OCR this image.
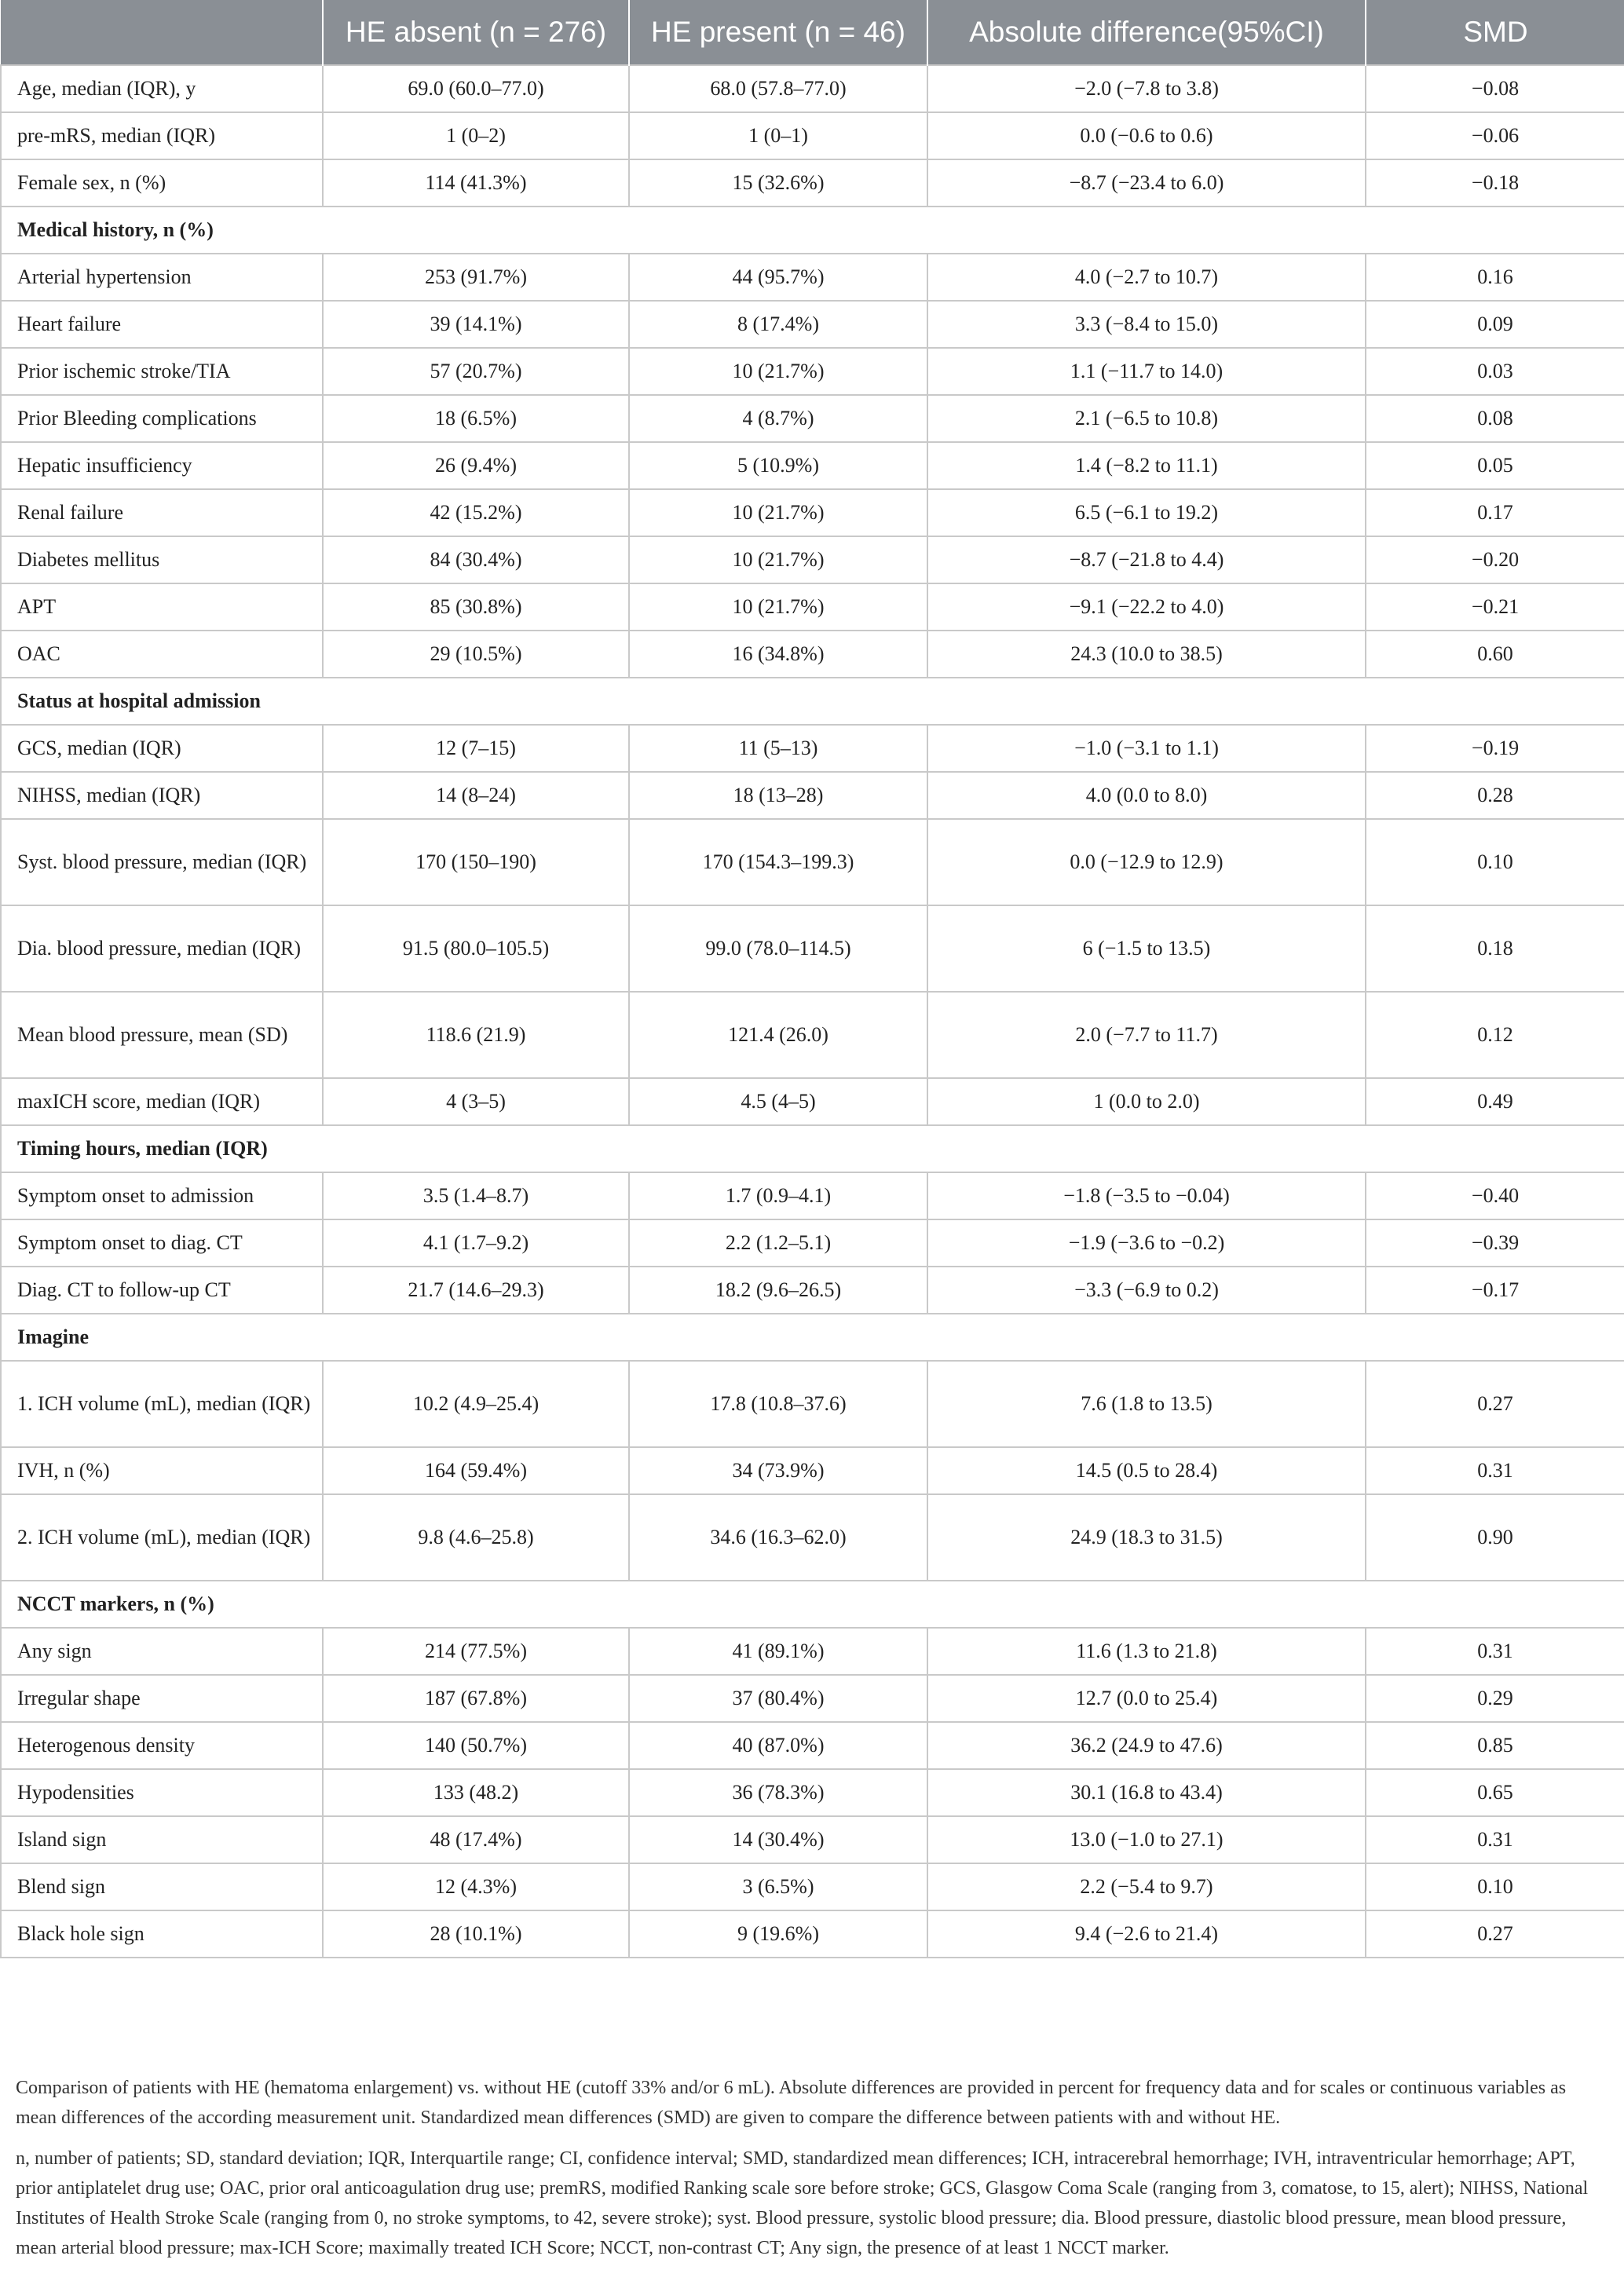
	HE absent (n = 276)	HE present (n = 46)	Absolute difference(95%CI)	SMD
Age, median (IQR), y	69.0 (60.0–77.0)	68.0 (57.8–77.0)	−2.0 (−7.8 to 3.8)	−0.08
pre-mRS, median (IQR)	1 (0–2)	1 (0–1)	0.0 (−0.6 to 0.6)	−0.06
Female sex, n (%)	114 (41.3%)	15 (32.6%)	−8.7 (−23.4 to 6.0)	−0.18
Medical history, n (%)				
Arterial hypertension	253 (91.7%)	44 (95.7%)	4.0 (−2.7 to 10.7)	0.16
Heart failure	39 (14.1%)	8 (17.4%)	3.3 (−8.4 to 15.0)	0.09
Prior ischemic stroke/TIA	57 (20.7%)	10 (21.7%)	1.1 (−11.7 to 14.0)	0.03
Prior Bleeding complications	18 (6.5%)	4 (8.7%)	2.1 (−6.5 to 10.8)	0.08
Hepatic insufficiency	26 (9.4%)	5 (10.9%)	1.4 (−8.2 to 11.1)	0.05
Renal failure	42 (15.2%)	10 (21.7%)	6.5 (−6.1 to 19.2)	0.17
Diabetes mellitus	84 (30.4%)	10 (21.7%)	−8.7 (−21.8 to 4.4)	−0.20
APT	85 (30.8%)	10 (21.7%)	−9.1 (−22.2 to 4.0)	−0.21
OAC	29 (10.5%)	16 (34.8%)	24.3 (10.0 to 38.5)	0.60
Status at hospital admission				
GCS, median (IQR)	12 (7–15)	11 (5–13)	−1.0 (−3.1 to 1.1)	−0.19
NIHSS, median (IQR)	14 (8–24)	18 (13–28)	4.0 (0.0 to 8.0)	0.28
Syst. blood pressure, median (IQR)	170 (150–190)	170 (154.3–199.3)	0.0 (−12.9 to 12.9)	0.10
Dia. blood pressure, median (IQR)	91.5 (80.0–105.5)	99.0 (78.0–114.5)	6 (−1.5 to 13.5)	0.18
Mean blood pressure, mean (SD)	118.6 (21.9)	121.4 (26.0)	2.0 (−7.7 to 11.7)	0.12
maxICH score, median (IQR)	4 (3–5)	4.5 (4–5)	1 (0.0 to 2.0)	0.49
Timing hours, median (IQR)				
Symptom onset to admission	3.5 (1.4–8.7)	1.7 (0.9–4.1)	−1.8 (−3.5 to −0.04)	−0.40
Symptom onset to diag. CT	4.1 (1.7–9.2)	2.2 (1.2–5.1)	−1.9 (−3.6 to −0.2)	−0.39
Diag. CT to follow-up CT	21.7 (14.6–29.3)	18.2 (9.6–26.5)	−3.3 (−6.9 to 0.2)	−0.17
Imagine				
1. ICH volume (mL), median (IQR)	10.2 (4.9–25.4)	17.8 (10.8–37.6)	7.6 (1.8 to 13.5)	0.27
IVH, n (%)	164 (59.4%)	34 (73.9%)	14.5 (0.5 to 28.4)	0.31
2. ICH volume (mL), median (IQR)	9.8 (4.6–25.8)	34.6 (16.3–62.0)	24.9 (18.3 to 31.5)	0.90
NCCT markers, n (%)				
Any sign	214 (77.5%)	41 (89.1%)	11.6 (1.3 to 21.8)	0.31
Irregular shape	187 (67.8%)	37 (80.4%)	12.7 (0.0 to 25.4)	0.29
Heterogenous density	140 (50.7%)	40 (87.0%)	36.2 (24.9 to 47.6)	0.85
Hypodensities	133 (48.2)	36 (78.3%)	30.1 (16.8 to 43.4)	0.65
Island sign	48 (17.4%)	14 (30.4%)	13.0 (−1.0 to 27.1)	0.31
Blend sign	12 (4.3%)	3 (6.5%)	2.2 (−5.4 to 9.7)	0.10
Black hole sign	28 (10.1%)	9 (19.6%)	9.4 (−2.6 to 21.4)	0.27

Comparison of patients with HE (hematoma enlargement) vs. without HE (cutoff 33% and/or 6 mL). Absolute differences are provided in percent for frequency data and for scales or continuous variables as mean differences of the according measurement unit. Standardized mean differences (SMD) are given to compare the difference between patients with and without HE.

n, number of patients; SD, standard deviation; IQR, Interquartile range; CI, confidence interval; SMD, standardized mean differences; ICH, intracerebral hemorrhage; IVH, intraventricular hemorrhage; APT, prior antiplatelet drug use; OAC, prior oral anticoagulation drug use; premRS, modified Ranking scale sore before stroke; GCS, Glasgow Coma Scale (ranging from 3, comatose, to 15, alert); NIHSS, National Institutes of Health Stroke Scale (ranging from 0, no stroke symptoms, to 42, severe stroke); syst. Blood pressure, systolic blood pressure; dia. Blood pressure, diastolic blood pressure, mean blood pressure, mean arterial blood pressure; max-ICH Score; maximally treated ICH Score; NCCT, non-contrast CT; Any sign, the presence of at least 1 NCCT marker.
